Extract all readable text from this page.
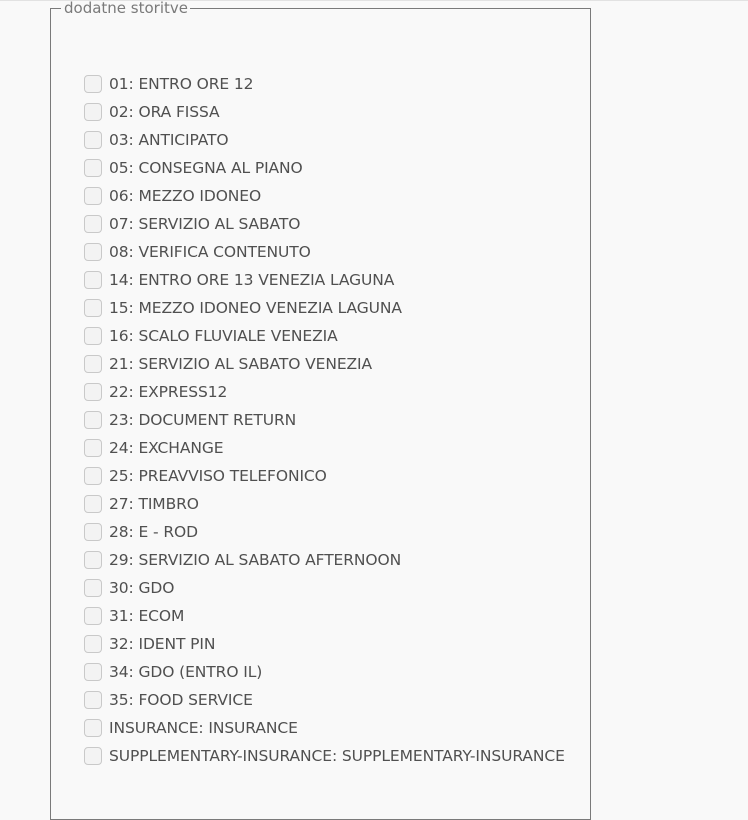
dodatne storitve
01: ENTRO ORE 12
02: ORA FISSA
03: ANTICIPATO
05: CONSEGNA AL PIANO
06: MEZZO IDONEO
07: SERVIZIO AL SABATO
08: VERIFICA CONTENUTO
14: ENTRO ORE 13 VENEZIA LAGUNA
15: MEZZO IDONEO VENEZIA LAGUNA
16: SCALO FLUVIALE VENEZIA
21: SERVIZIO AL SABATO VENEZIA
22: EXPRESS12
23: DOCUMENT RETURN
24: EXCHANGE
25: PREAVVISO TELEFONICO
27: TIMBRO
28: E - ROD
29: SERVIZIO AL SABATO AFTERNOON
30: GDO
31: ECOM
32: IDENT PIN
34: GDO (ENTRO IL)
35: FOOD SERVICE
INSURANCE: INSURANCE
SUPPLEMENTARY-INSURANCE: SUPPLEMENTARY-INSURANCE
